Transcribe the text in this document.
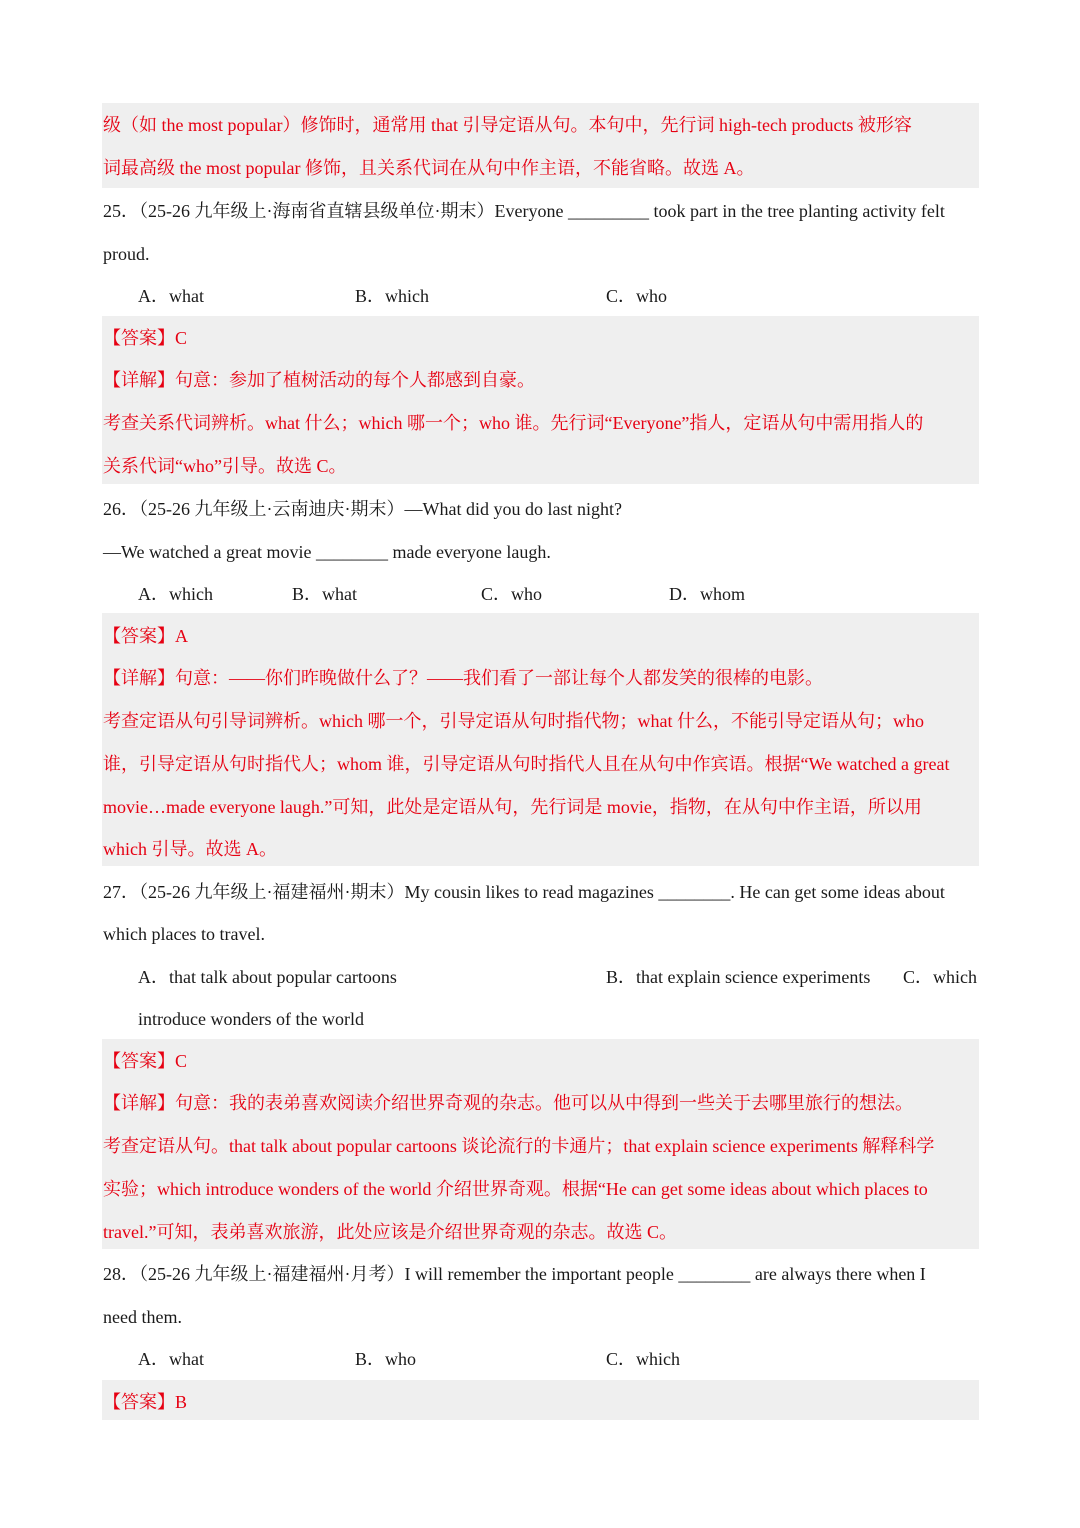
级（如 the most popular）修饰时，通常用 that 引导定语从句。本句中，先行词 high-tech products 被形容
词最高级 the most popular 修饰，且关系代词在从句中作主语，不能省略。故选 A。
25．（25-26 九年级上·海南省直辖县级单位·期末）Everyone _________ took part in the tree planting activity felt
proud.
A．what	B．which	C．who
【答案】C
【详解】句意：参加了植树活动的每个人都感到自豪。
考查关系代词辨析。what 什么；which 哪一个；who 谁。先行词“Everyone”指人，定语从句中需用指人的
关系代词“who”引导。故选 C。
26．（25-26 九年级上·云南迪庆·期末）—What did you do last night?
—We watched a great movie ________ made everyone laugh.
A．which	B．what	C．who	D．whom
【答案】A
【详解】句意：——你们昨晚做什么了？——我们看了一部让每个人都发笑的很棒的电影。
考查定语从句引导词辨析。which 哪一个，引导定语从句时指代物；what 什么，不能引导定语从句；who
谁，引导定语从句时指代人；whom 谁，引导定语从句时指代人且在从句中作宾语。根据“We watched a great
movie…made everyone laugh.”可知，此处是定语从句，先行词是 movie，指物，在从句中作主语，所以用
which 引导。故选 A。
27．（25-26 九年级上·福建福州·期末）My cousin likes to read magazines ________. He can get some ideas about
which places to travel.
A．that talk about popular cartoons	B．that explain science experiments C．which
introduce wonders of the world
【答案】C
【详解】句意：我的表弟喜欢阅读介绍世界奇观的杂志。他可以从中得到一些关于去哪里旅行的想法。
考查定语从句。that talk about popular cartoons 谈论流行的卡通片；that explain science experiments 解释科学
实验；which introduce wonders of the world 介绍世界奇观。根据“He can get some ideas about which places to
travel.”可知，表弟喜欢旅游，此处应该是介绍世界奇观的杂志。故选 C。
28．（25-26 九年级上·福建福州·月考）I will remember the important people ________ are always there when I
need them.
A．what	B．who	C．which
【答案】B
